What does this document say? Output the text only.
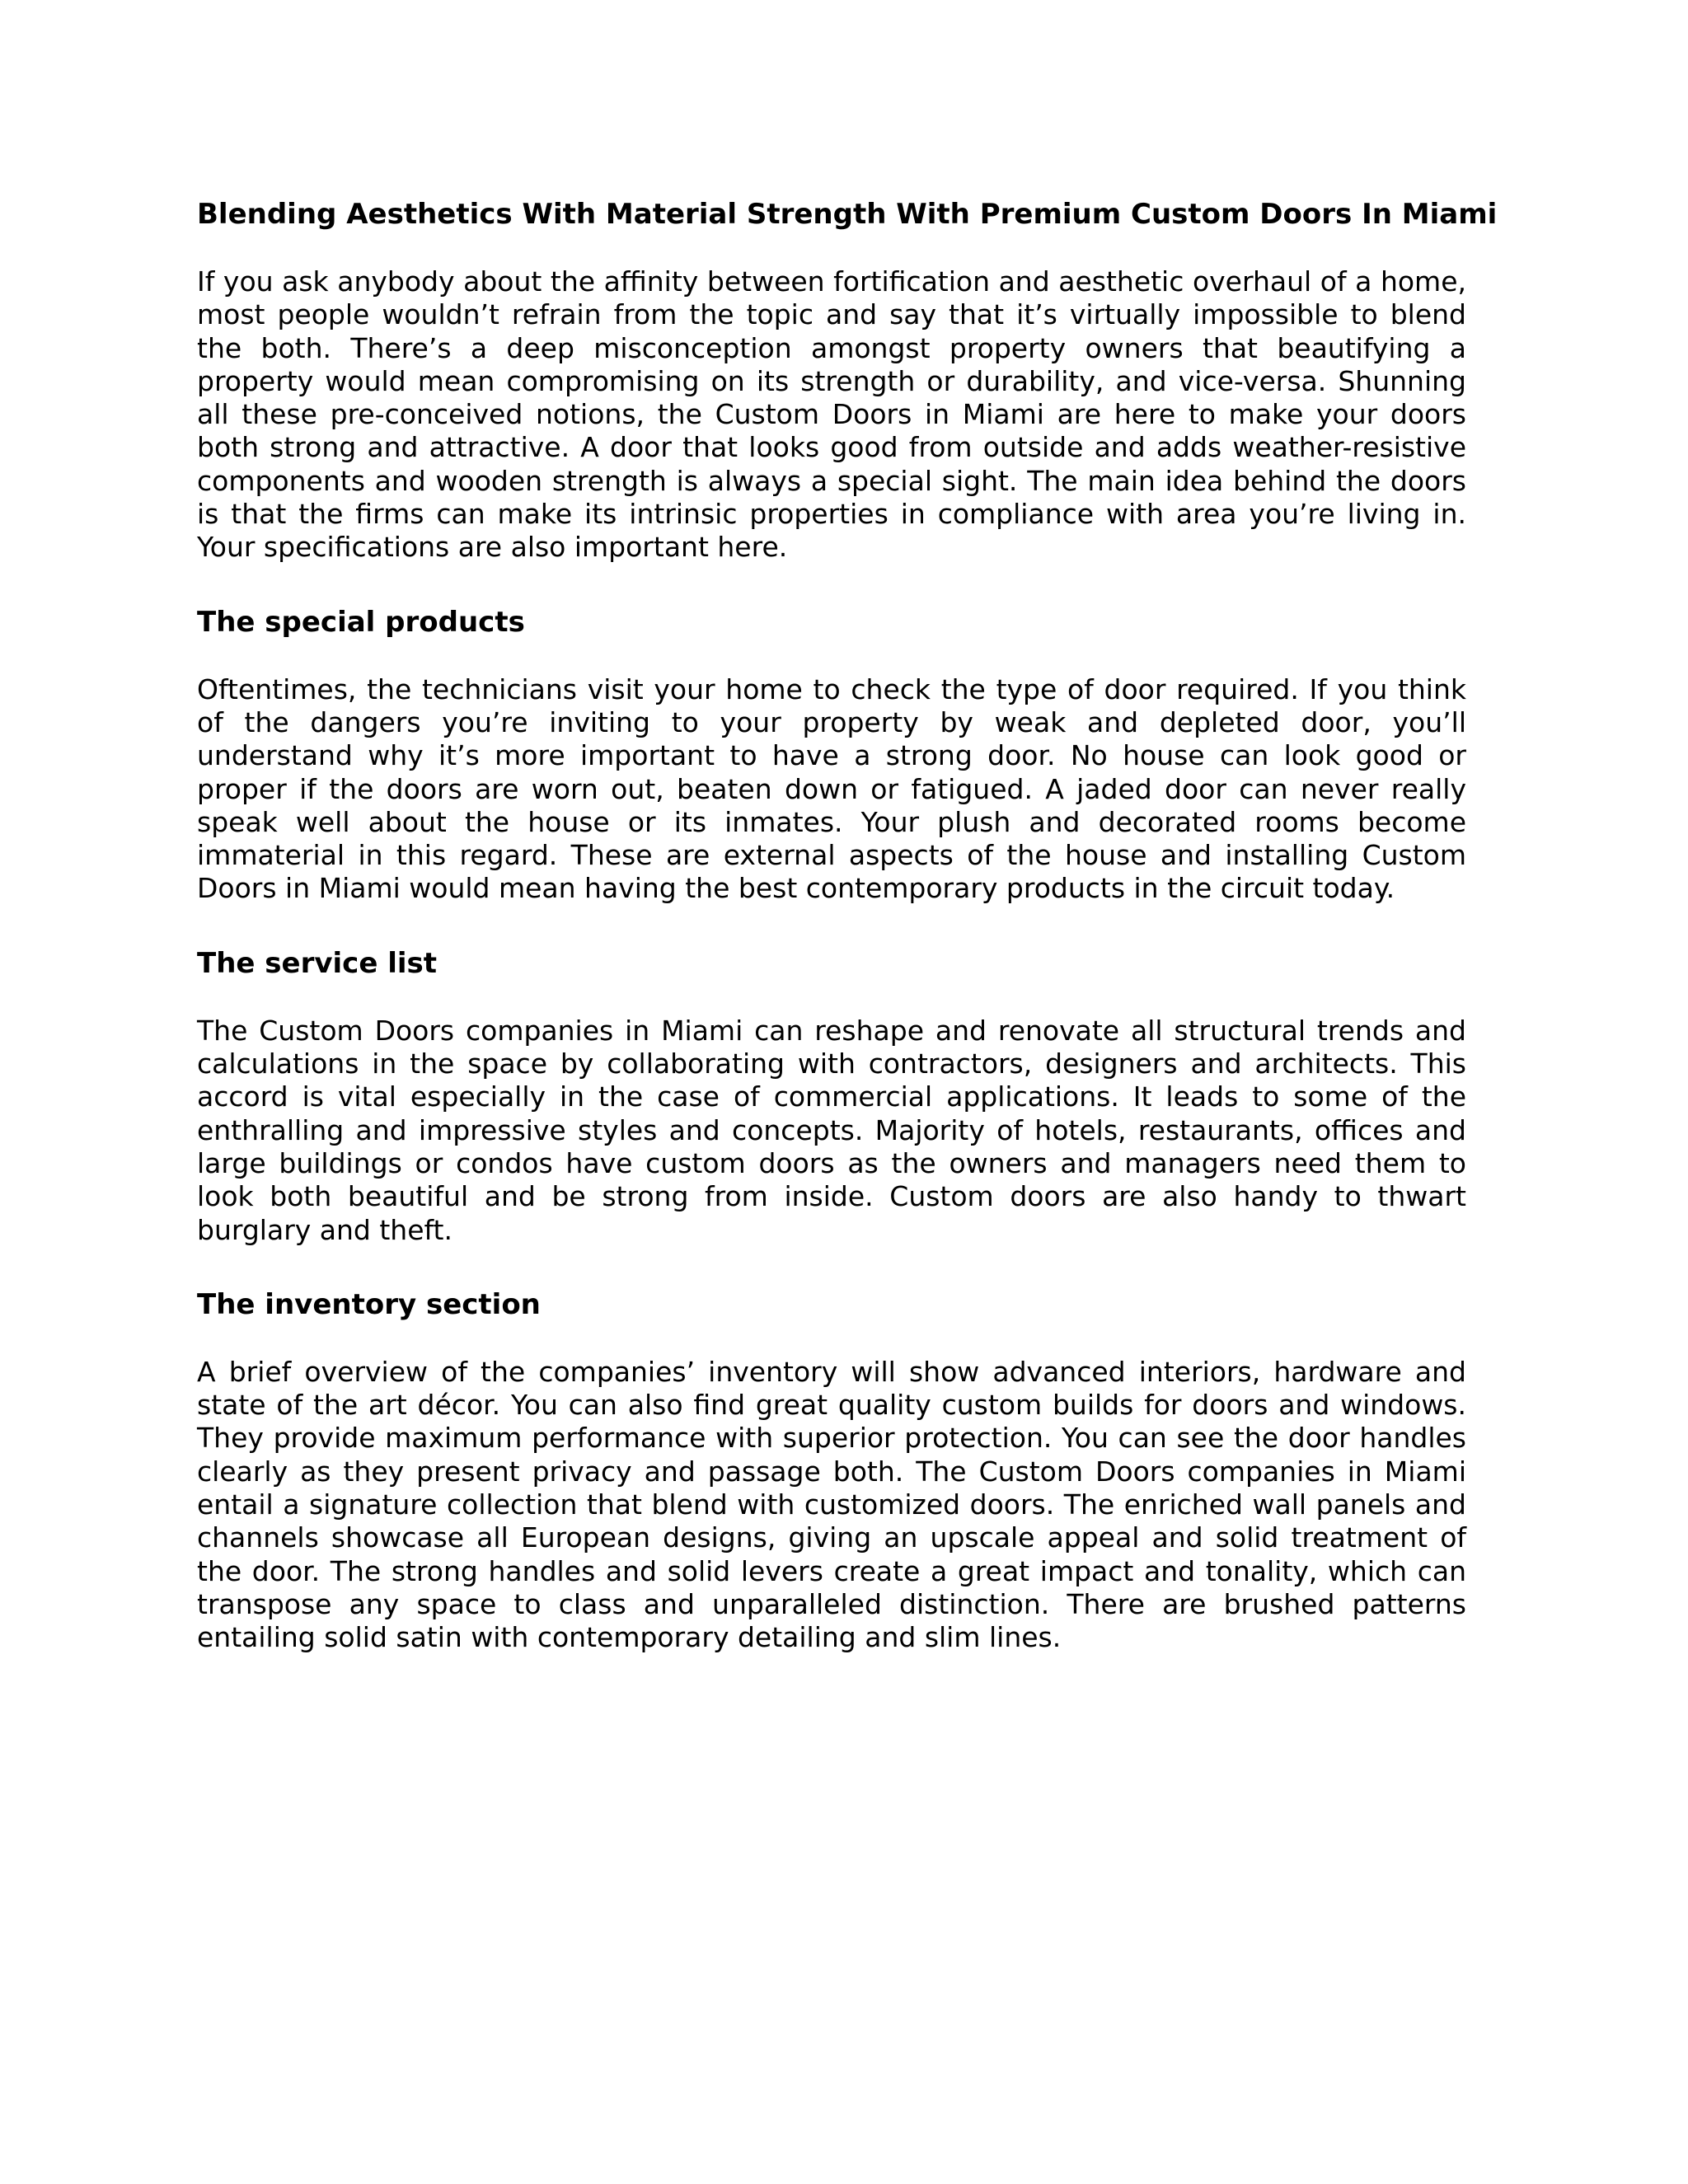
Blending Aesthetics With Material Strength With Premium Custom Doors In Miami

If you ask anybody about the affinity between fortification and aesthetic overhaul of a home, most people wouldn’t refrain from the topic and say that it’s virtually impossible to blend the both. There’s a deep misconception amongst property owners that beautifying a property would mean compromising on its strength or durability, and vice-versa. Shunning all these pre-conceived notions, the Custom Doors in Miami are here to make your doors both strong and attractive. A door that looks good from outside and adds weather-resistive components and wooden strength is always a special sight. The main idea behind the doors is that the firms can make its intrinsic properties in compliance with area you’re living in. Your specifications are also important here.

The special products

Oftentimes, the technicians visit your home to check the type of door required. If you think of the dangers you’re inviting to your property by weak and depleted door, you’ll understand why it’s more important to have a strong door. No house can look good or proper if the doors are worn out, beaten down or fatigued. A jaded door can never really speak well about the house or its inmates. Your plush and decorated rooms become immaterial in this regard. These are external aspects of the house and installing Custom Doors in Miami would mean having the best contemporary products in the circuit today.

The service list

The Custom Doors companies in Miami can reshape and renovate all structural trends and calculations in the space by collaborating with contractors, designers and architects. This accord is vital especially in the case of commercial applications. It leads to some of the enthralling and impressive styles and concepts. Majority of hotels, restaurants, offices and large buildings or condos have custom doors as the owners and managers need them to look both beautiful and be strong from inside. Custom doors are also handy to thwart burglary and theft.

The inventory section

A brief overview of the companies’ inventory will show advanced interiors, hardware and state of the art décor. You can also find great quality custom builds for doors and windows. They provide maximum performance with superior protection. You can see the door handles clearly as they present privacy and passage both. The Custom Doors companies in Miami entail a signature collection that blend with customized doors. The enriched wall panels and channels showcase all European designs, giving an upscale appeal and solid treatment of the door. The strong handles and solid levers create a great impact and tonality, which can transpose any space to class and unparalleled distinction. There are brushed patterns entailing solid satin with contemporary detailing and slim lines.
